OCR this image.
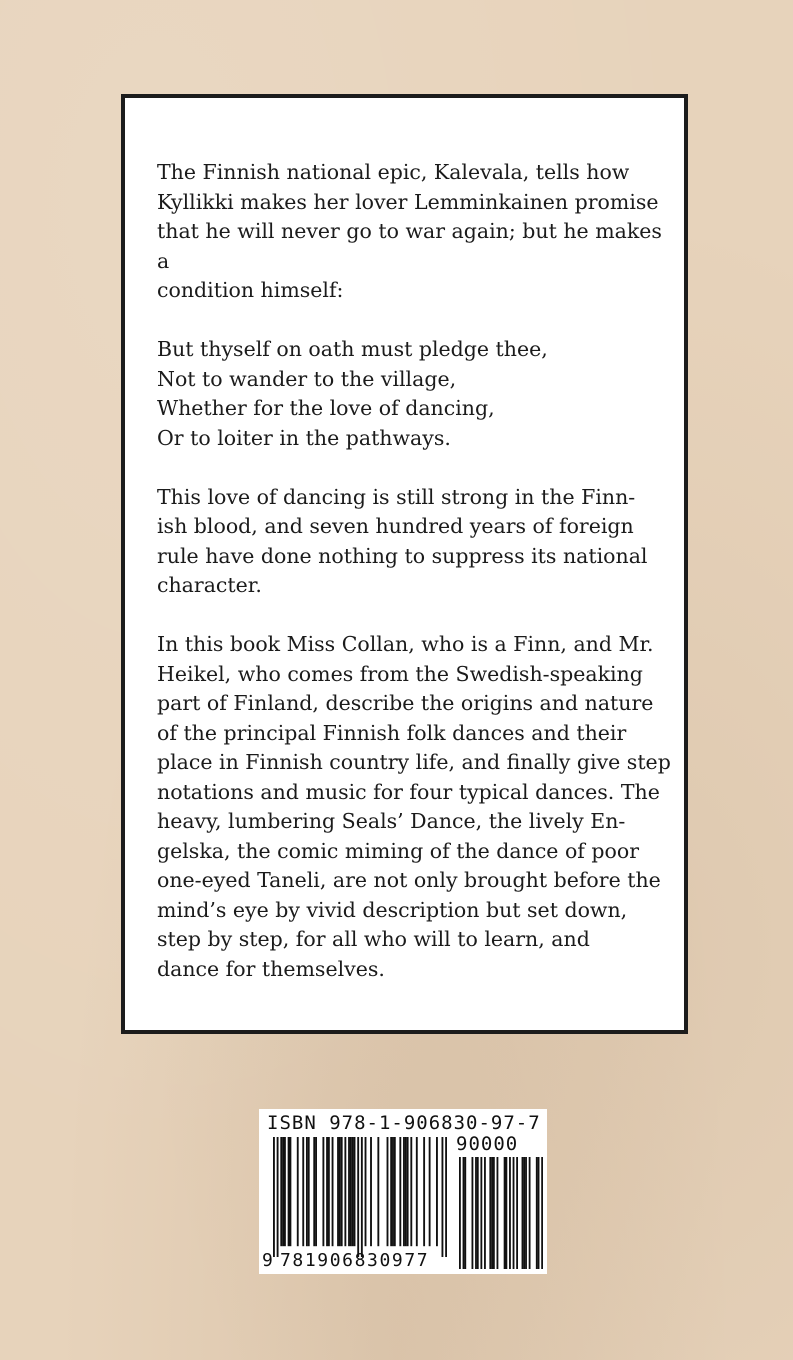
The Finnish national epic, Kalevala, tells how
Kyllikki makes her lover Lemminkainen promise
that he will never go to war again; but he makes a
condition himself:

But thyself on oath must pledge thee,
Not to wander to the village,
Whether for the love of dancing,
Or to loiter in the pathways.

This love of dancing is still strong in the Finn-
ish blood, and seven hundred years of foreign
rule have done nothing to suppress its national
character.

In this book Miss Collan, who is a Finn, and Mr.
Heikel, who comes from the Swedish-speaking
part of Finland, describe the origins and nature
of the principal Finnish folk dances and their
place in Finnish country life, and finally give step
notations and music for four typical dances. The
heavy, lumbering Seals’ Dance, the lively En-
gelska, the comic miming of the dance of poor
one-eyed Taneli, are not only brought before the
mind’s eye by vivid description but set down,
step by step, for all who will to learn, and
dance for themselves.

ISBN 978-1-906830-97-7
90000
9 781906830977
